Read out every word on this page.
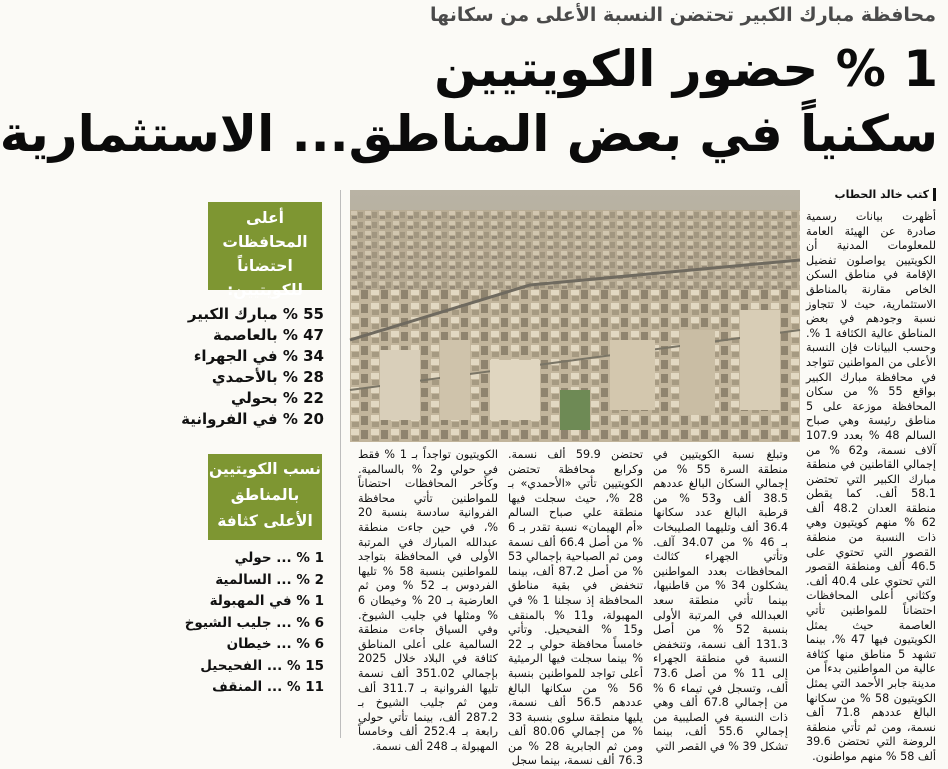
محافظة مبارك الكبير تحتضن النسبة الأعلى من سكانها
1 % حضور الكويتيين
سكنياً في بعض المناطق... الاستثمارية
كتب خالد الحطاب
أظهرت بيانات رسمية صادرة عن الهيئة العامة للمعلومات المدنية أن الكويتيين يواصلون تفضيل الإقامة في مناطق السكن الخاص مقارنة بالمناطق الاستثمارية، حيث لا تتجاوز نسبة وجودهم في بعض المناطق عالية الكثافة 1 %. وحسب البيانات فإن النسبة الأعلى من المواطنين تتواجد في محافظة مبارك الكبير بواقع 55 % من سكان المحافظة موزعة على 5 مناطق رئيسة وهي صباح السالم 48 % بعدد 107.9 آلاف نسمة، و62 % من إجمالي القاطنين في منطقة مبارك الكبير التي تحتضن 58.1 ألف. كما يقطن منطقة العدان 48.2 ألف 62 % منهم كويتيون وهي ذات النسبة من منطقة القصور التي تحتوي على 46.5 ألف ومنطقة القصور التي تحتوي على 40.4 ألف. وكثاني أعلى المحافظات احتضاناً للمواطنين تأتي العاصمة حيث يمثل الكويتيون فيها 47 %، بينما تشهد 5 مناطق منها كثافة عالية من المواطنين بدءاً من مدينة جابر الأحمد التي يمثل الكويتيون 58 % من سكانها البالغ عددهم 71.8 ألف نسمة، ومن ثم تأتي منطقة الروضة التي تحتضن 39.6 ألف 58 % منهم مواطنون.
وتبلغ نسبة الكويتيين في منطقة السرة 55 % من إجمالي السكان البالغ عددهم 38.5 ألف و53 % من قرطبة البالغ عدد سكانها 36.4 ألف وتليهما الصليبخات بـ 46 % من 34.07 آلف. وتأتي الجهراء كثالث المحافظات بعدد المواطنين يشكلون 34 % من قاطنيها، بينما تأتي منطقة سعد العبدالله في المرتبة الأولى بنسبة 52 % من أصل 131.3 ألف نسمة، وتنخفض النسبة في منطقة الجهراء إلى 11 % من أصل 73.6 ألف، وتسجل في تيماء 6 % من إجمالي 67.8 ألف وهي ذات النسبة في الصليبية من إجمالي 55.6 ألف، بينما تشكل 39 % في القصر التي
تحتضن 59.9 ألف نسمة. وكرابع محافظة تحتضن الكويتيين تأتي «الأحمدي» بـ 28 %، حيث سجلت فيها منطقة علي صباح السالم «أم الهيمان» نسبة تقدر بـ 6 % من أصل 66.4 ألف نسمة ومن ثم الصباحية بإجمالي 53 % من أصل 87.2 ألف، بينما تنخفض في بقية مناطق المحافظة إذ سجلنا 1 % في المهبولة، و11 % بالمنقف و15 % الفحيحيل. وتأتي خامساً محافظة حولي بـ 22 % بينما سجلت فيها الرميثية أعلى تواجد للمواطنين بنسبة 56 % من سكانها البالغ عددهم 56.5 ألف نسمة، يليها منطقة سلوى بنسبة 33 % من إجمالي 80.06 ألف ومن ثم الجابرية 28 % من 76.3 ألف نسمة، بينما سجل
الكويتيون تواجداً بـ 1 % فقط في حولي و2 % بالسالمية. وكأخر المحافظات احتضاناً للمواطنين تأتي محافظة الفروانية سادسة بنسبة 20 %، في حين جاءت منطقة عبدالله المبارك في المرتبة الأولى في المحافظة بتواجد للمواطنين بنسبة 58 % تليها الفردوس بـ 52 % ومن ثم العارضية بـ 20 % وخيطان 6 % ومثلها في جليب الشيوخ. وفي السياق جاءت منطقة السالمية على أعلى المناطق كثافة في البلاد خلال 2025 بإجمالي 351.02 ألف نسمة تليها الفروانية بـ 311.7 ألف ومن ثم جليب الشيوخ بـ 287.2 ألف، بينما تأتي حولي رابعة بـ 252.4 ألف وخامساً المهبولة بـ 248 ألف نسمة.
أعلى المحافظات احتضاناً للكويتيين:
55 % مبارك الكبير
47 % بالعاصمة
34 % في الجهراء
28 % بالأحمدي
22 % بحولي
20 % في الفروانية
نسب الكويتيين بالمناطق الأعلى كثافة
1 % ... حولي
2 % ... السالمية
1 % في المهبولة
6 % ... جليب الشيوخ
6 % ... خيطان
15 % ... الفحيحيل
11 % ... المنقف
